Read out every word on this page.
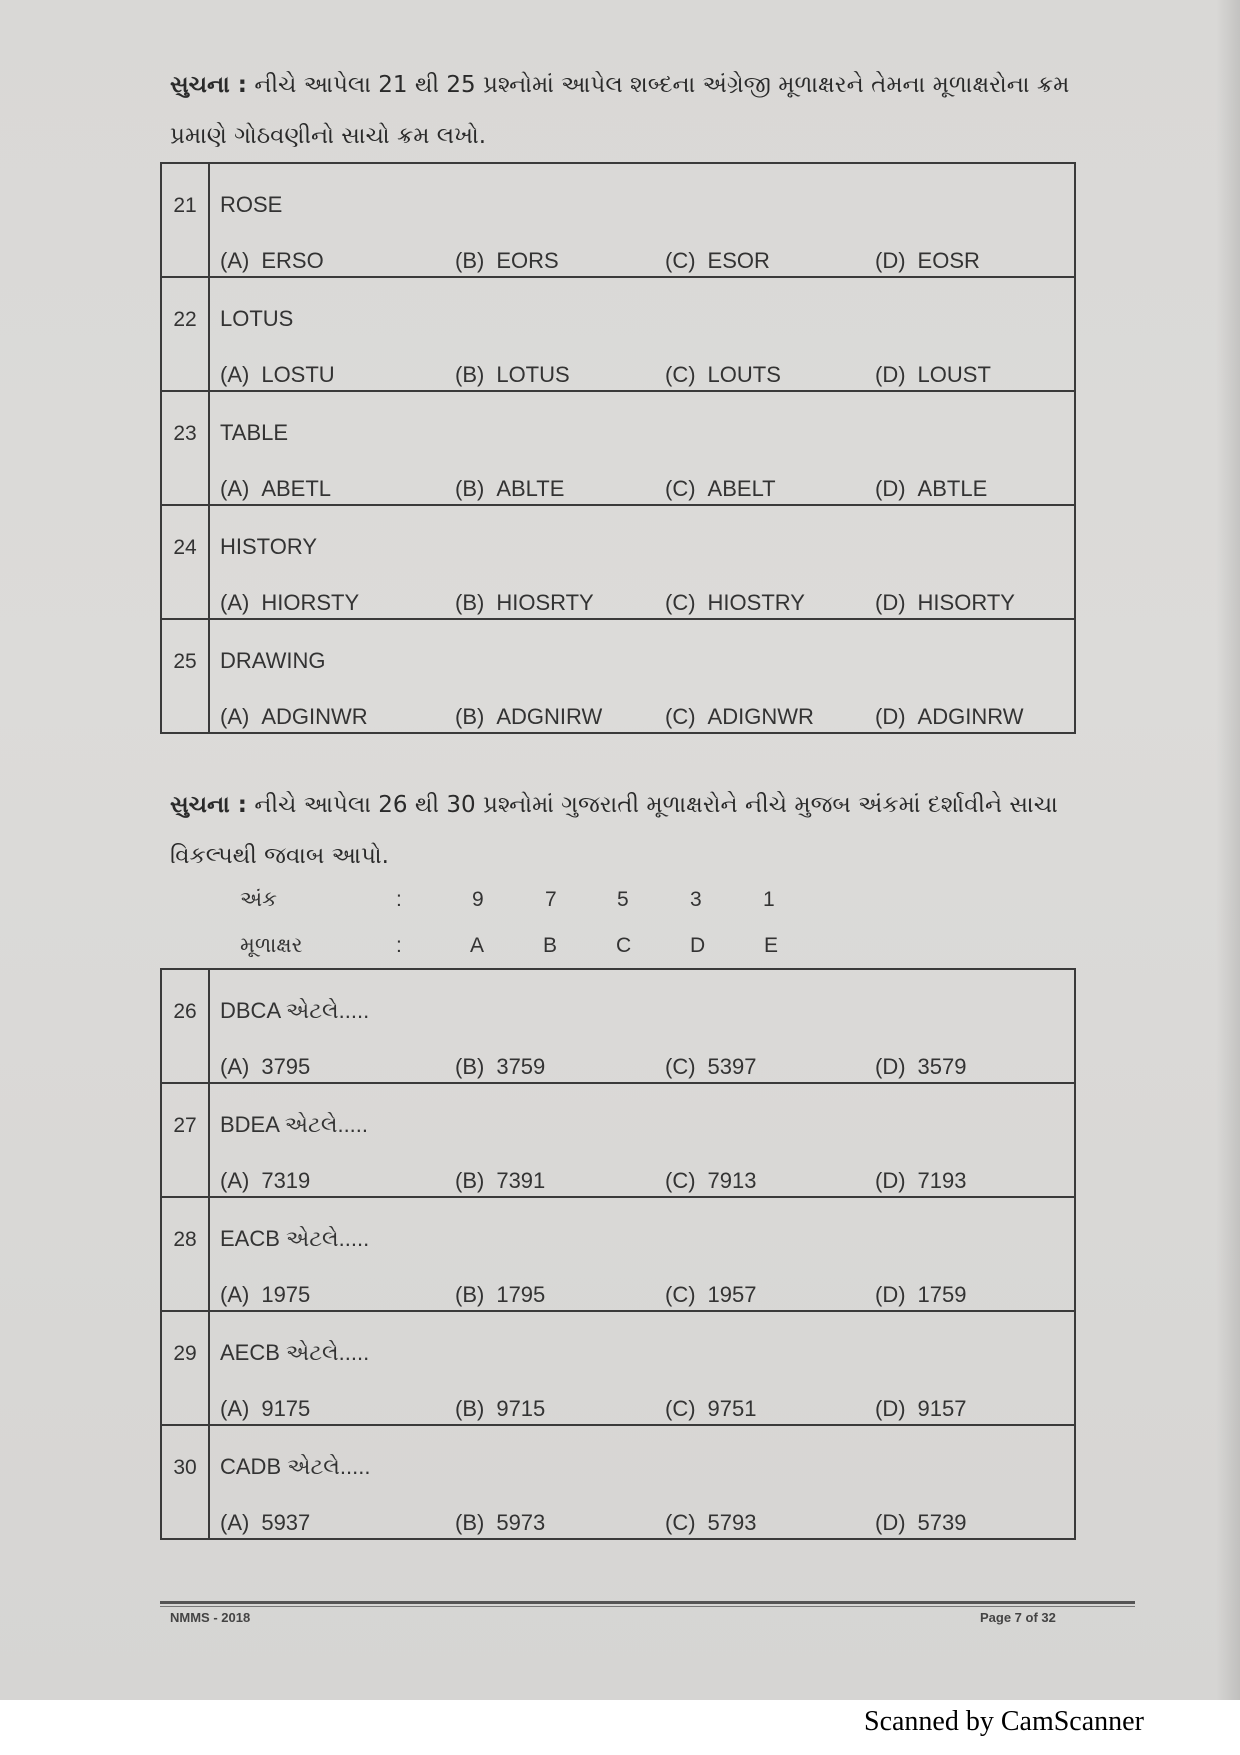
સુચના : નીચે આપેલા 21 થી 25 પ્રશ્નોમાં આપેલ શબ્દના અંગ્રેજી મૂળાક્ષરને તેમના મૂળાક્ષરોના ક્રમ પ્રમાણે ગોઠવણીનો સાચો ક્રમ લખો.
21	ROSE
(A) ERSO (B) EORS (C) ESOR (D) EOSR

22	LOTUS
(A) LOSTU (B) LOTUS (C) LOUTS (D) LOUST

23	TABLE
(A) ABETL (B) ABLTE (C) ABELT (D) ABTLE

24	HISTORY
(A) HIORSTY (B) HIOSRTY (C) HIOSTRY (D) HISORTY

25	DRAWING
(A) ADGINWR (B) ADGNIRW (C) ADIGNWR (D) ADGINRW
સુચના : નીચે આપેલા 26 થી 30 પ્રશ્નોમાં ગુજરાતી મૂળાક્ષરોને નીચે મુજબ અંકમાં દર્શાવીને સાચા વિકલ્પથી જવાબ આપો.
અંક	:	9	7	5	3	1
મૂળાક્ષર	:	A	B	C	D	E
26	DBCA એટલે.....
(A) 3795 (B) 3759 (C) 5397 (D) 3579

27	BDEA એટલે.....
(A) 7319 (B) 7391 (C) 7913 (D) 7193

28	EACB એટલે.....
(A) 1975 (B) 1795 (C) 1957 (D) 1759

29	AECB એટલે.....
(A) 9175 (B) 9715 (C) 9751 (D) 9157

30	CADB એટલે.....
(A) 5937 (B) 5973 (C) 5793 (D) 5739
NMMS - 2018	Page 7 of 32
Scanned by CamScanner
